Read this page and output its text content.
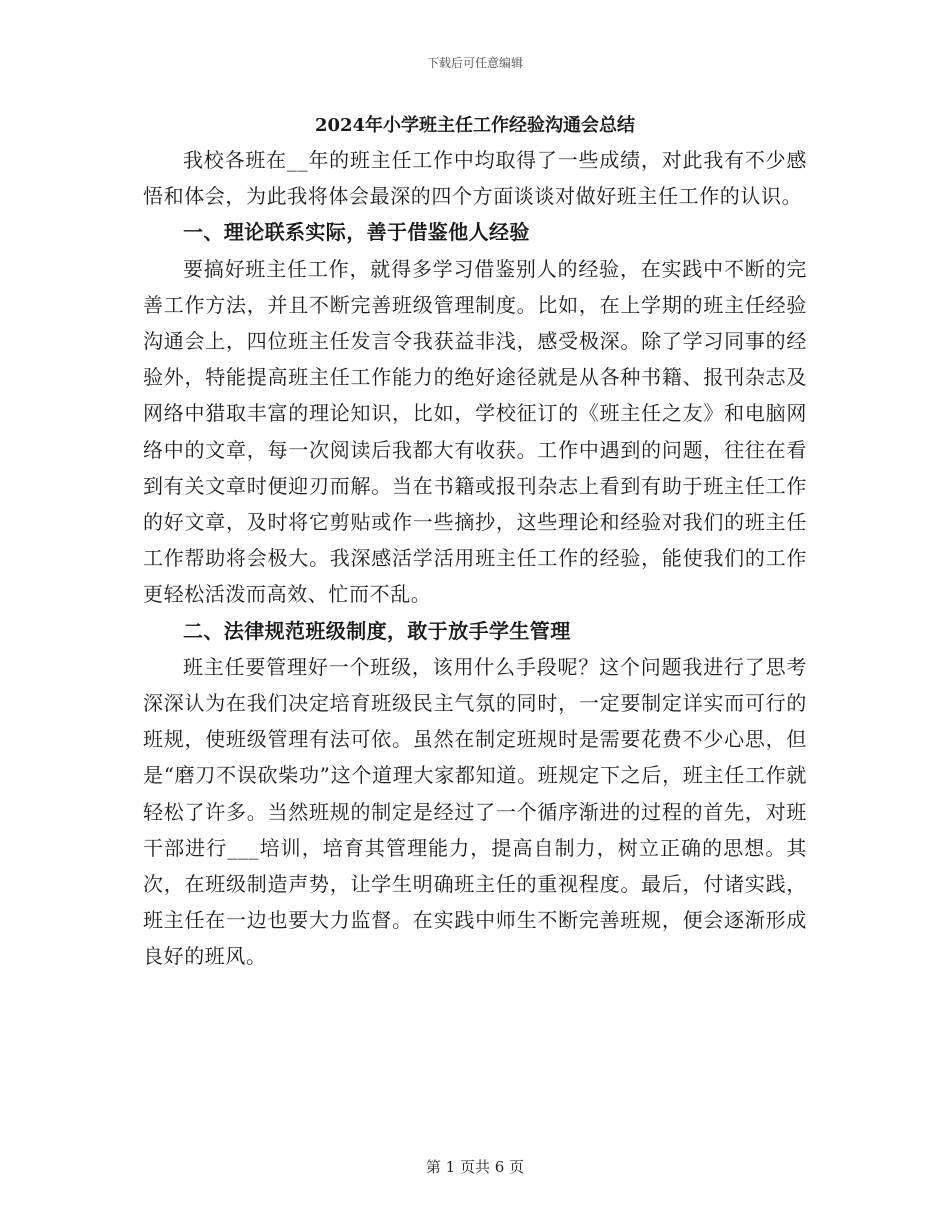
下载后可任意编辑
2024年小学班主任工作经验沟通会总结

我校各班在__年的班主任工作中均取得了一些成绩，对此我有不少感悟和体会，为此我将体会最深的四个方面谈谈对做好班主任工作的认识。

一、理论联系实际，善于借鉴他人经验

要搞好班主任工作，就得多学习借鉴别人的经验，在实践中不断的完善工作方法，并且不断完善班级管理制度。比如，在上学期的班主任经验沟通会上，四位班主任发言令我获益非浅，感受极深。除了学习同事的经验外，特能提高班主任工作能力的绝好途径就是从各种书籍、报刊杂志及网络中猎取丰富的理论知识，比如，学校征订的《班主任之友》和电脑网络中的文章，每一次阅读后我都大有收获。工作中遇到的问题，往往在看到有关文章时便迎刃而解。当在书籍或报刊杂志上看到有助于班主任工作的好文章，及时将它剪贴或作一些摘抄，这些理论和经验对我们的班主任工作帮助将会极大。我深感活学活用班主任工作的经验，能使我们的工作更轻松活泼而高效、忙而不乱。

二、法律规范班级制度，敢于放手学生管理

班主任要管理好一个班级，该用什么手段呢？这个问题我进行了思考深深认为在我们决定培育班级民主气氛的同时，一定要制定详实而可行的班规，使班级管理有法可依。虽然在制定班规时是需要花费不少心思，但是“磨刀不误砍柴功”这个道理大家都知道。班规定下之后，班主任工作就轻松了许多。当然班规的制定是经过了一个循序渐进的过程的首先，对班干部进行___培训，培育其管理能力，提高自制力，树立正确的思想。其次，在班级制造声势，让学生明确班主任的重视程度。最后，付诸实践，班主任在一边也要大力监督。在实践中师生不断完善班规，便会逐渐形成良好的班风。

第 1 页共 6 页
